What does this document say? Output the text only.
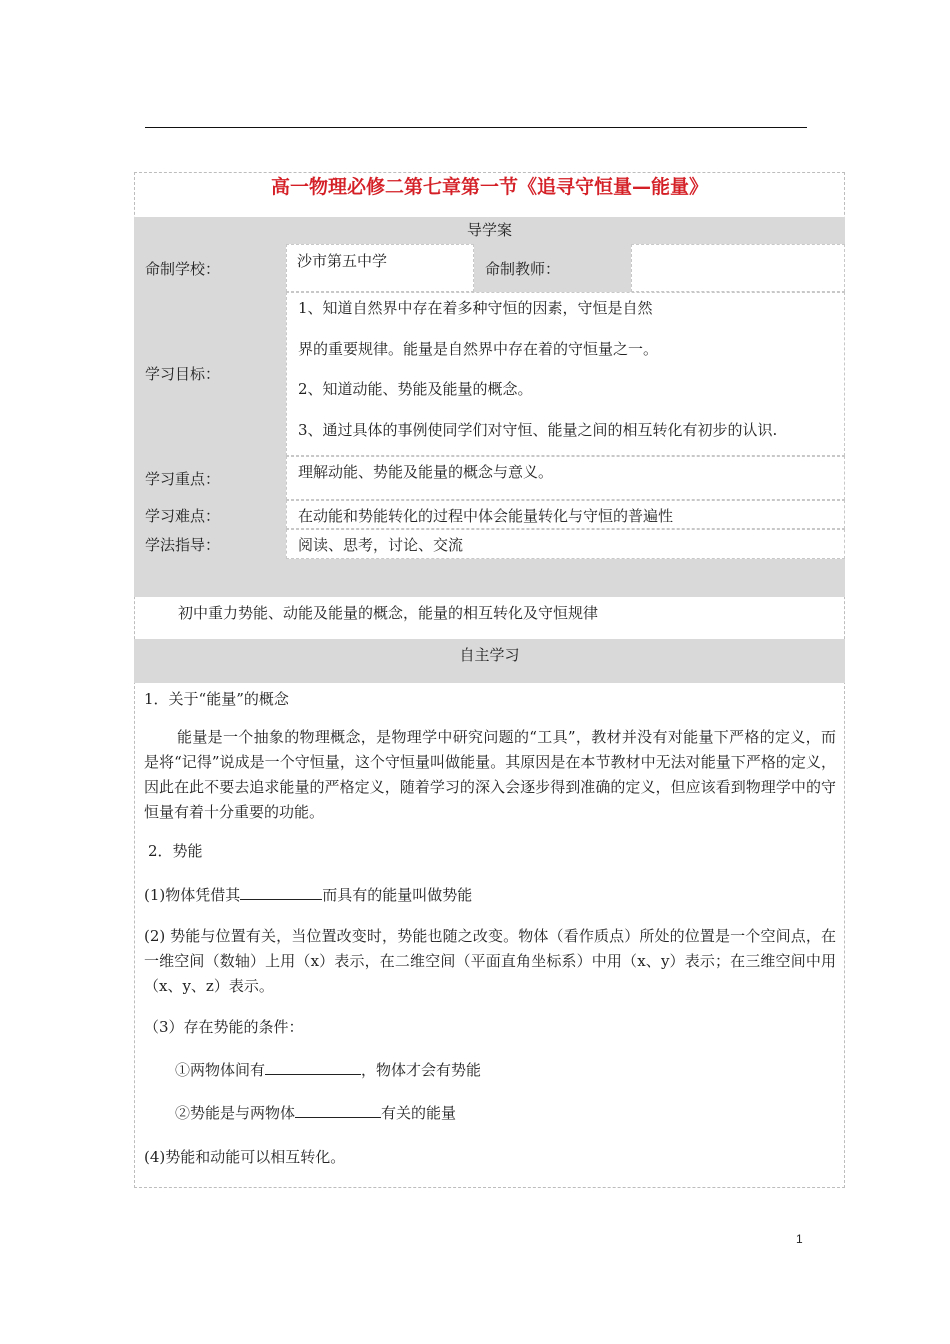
高一物理必修二第七章第一节《追寻守恒量—能量》
导学案
命制学校：	沙市第五中学	命制教师：
学习目标：
1、知道自然界中存在着多种守恒的因素，守恒是自然
界的重要规律。能量是自然界中存在着的守恒量之一。
2、知道动能、势能及能量的概念。
3、通过具体的事例使同学们对守恒、能量之间的相互转化有初步的认识.
学习重点：	理解动能、势能及能量的概念与意义。
学习难点：	在动能和势能转化的过程中体会能量转化与守恒的普遍性
学法指导：	阅读、思考，讨论、交流
初中重力势能、动能及能量的概念，能量的相互转化及守恒规律
自主学习
1．关于“能量”的概念
能量是一个抽象的物理概念，是物理学中研究问题的“工具”，教材并没有对能量下严格的定义，而是将“记得”说成是一个守恒量，这个守恒量叫做能量。其原因是在本节教材中无法对能量下严格的定义，因此在此不要去追求能量的严格定义，随着学习的深入会逐步得到准确的定义，但应该看到物理学中的守恒量有着十分重要的功能。
2．势能
(1)物体凭借其	而具有的能量叫做势能
(2) 势能与位置有关，当位置改变时，势能也随之改变。物体（看作质点）所处的位置是一个空间点，在一维空间（数轴）上用（x）表示，在二维空间（平面直角坐标系）中用（x、y）表示；在三维空间中用（x、y、z）表示。
（3）存在势能的条件：
①两物体间有	，物体才会有势能
②势能是与两物体	有关的能量
(4)势能和动能可以相互转化。
1
